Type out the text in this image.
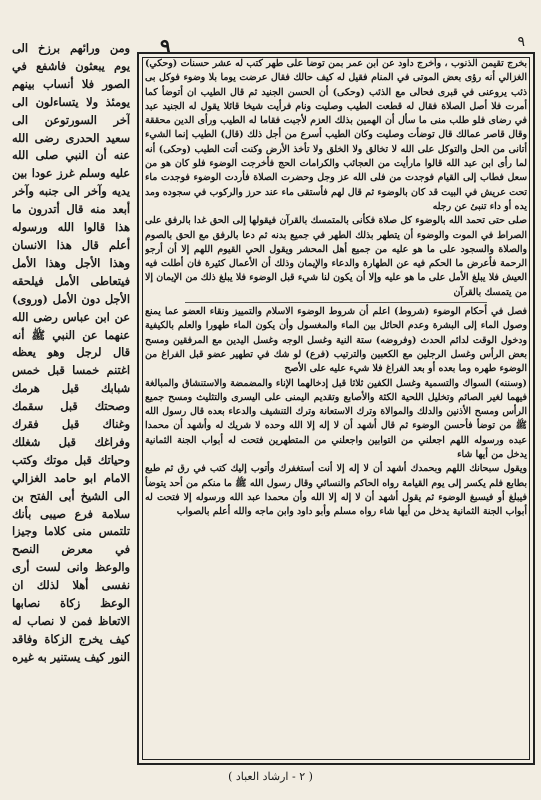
٩	٩

ومن ورائهم برزخ الى يوم يبعثون فاشفع في الصور فلا أنساب بينهم يومئذ ولا يتساءلون الى آخر السورتوعن الى سعيد الحدرى رضى الله عنه أن النبي صلى الله عليه وسلم غرز عودا بين يديه وآخر الى جنبه وآخر أبعد منه قال أتدرون ما هذا قالوا الله ورسوله أعلم قال هذا الانسان وهذا الأجل وهذا الأمل فيتعاطى الأمل فيلحقه الأجل دون الأمل (وروى) عن ابن عباس رضى الله عنهما عن النبي ﷺ أنه قال لرجل وهو يعظه اغتنم خمسا قبل خمس شبابك قبل هرمك وصحتك قبل سقمك وغناك قبل فقرك وفراغك قبل شغلك وحياتك قبل موتك وكتب الامام ابو حامد الغزالي الى الشيخ أبى الفتح بن سلامة فرع صيبى بأنك تلتمس منى كلاما وجيزا في معرض النصح والوعظ وانى لست أرى نفسى أهلا لذلك ان الوعظ زكاة نصابها الاتعاظ فمن لا نصاب له كيف يخرج الزكاة وفاقد النور كيف يستنير به غيره

بخرج تقيمن الذنوب ، وأخرج داود عن ابن عمر بمن توضأ على طهر كتب له عشر حسنات (وحكي) الغزالي أنه رؤى بعض الموتى في المنام فقيل له كيف حالك فقال عرضت يوما بلا وضوء فوكل بى ذئب يروعنى في قبرى فحالى مع الذئب (وحكى) أن الحسن الجنيد ثم قال الطيب ان أتوضأ كما أمرت فلا أصل الصلاة فقال له قطعت الطيب وصليت ونام فرأيت شيخا قائلا يقول له الجنيد عبد في رضاى فلو طلب منى ما سأل أن الهمين بذلك العزم لأجبت فقاما له الطيب ورأى الدين محققة وقال قاصر عمالك قال توضأت وصليت وكان الطيب أسرع من أجل ذلك (قال) الطيب إنما الشيء أتانى من الحل والتوكل على الله لا تخالق ولا الخلق ولا تأخذ الأرض وكنت أتت الطيب (وحكى) أنه لما رأى ابن عبد الله قالوا مارأيت من العجائب والكرامات الحج فأخرجت الوضوء فلو كان هو من سعل فطاب إلى القيام فوجدت من فلى الله عز وجل وحضرت الصلاة فأردت الوضوء فوجدت ماء تحت عريش في البيت قد كان بالوضوء ثم قال لهم فأستقى ماء عند حرز والركوب في سجوده ومد يده أو داء تنبئ عن رجله

صلى حتى تحمد الله بالوضوء كل صلاة فكأنى بالمتمسك بالقرآن فيقولها إلى الحق غدا بالرفق على الصراط في الموت والوضوء أن يتطهر بذلك الطهر في جميع بدنه ثم دعا بالرفق مع الحق بالصوم والصلاة والسجود على ما هو عليه من جميع أهل المحشر ويقول الحي القيوم اللهم إلا أن أرجو الرحمة فأعرض ما الحكم فيه عن الطهارة والدعاء والإيمان وذلك أن الأعمال كثيرة فان أطلت فيه العيش فلا يبلغ الأمل على ما هو عليه وإلا أن يكون لنا شيء قبل الوضوء فلا يبلغ ذلك من الإيمان إلا من يتمسك بالقرآن

فصل في أحكام الوضوء (شروط) اعلم أن شروط الوضوء الاسلام والتمييز ونقاء العضو عما يمنع وصول الماء إلى البشرة وعدم الحائل بين الماء والمغسول وأن يكون الماء طهورا والعلم بالكيفية ودخول الوقت لدائم الحدث (وفروضه) ستة النية وغسل الوجه وغسل اليدين مع المرفقين ومسح بعض الرأس وغسل الرجلين مع الكعبين والترتيب (فرع) لو شك في تطهير عضو قبل الفراغ من الوضوء طهره وما بعده أو بعد الفراغ فلا شيء عليه على الأصح

(وسننه) السواك والتسمية وغسل الكفين ثلاثا قبل إدخالهما الإناء والمضمضة والاستنشاق والمبالغة فيهما لغير الصائم وتخليل اللحية الكثة والأصابع وتقديم اليمنى على اليسرى والتثليث ومسح جميع الرأس ومسح الأذنين والدلك والموالاة وترك الاستعانة وترك التنشيف والدعاء بعده قال رسول الله ﷺ من توضأ فأحسن الوضوء ثم قال أشهد أن لا إله إلا الله وحده لا شريك له وأشهد أن محمدا عبده ورسوله اللهم اجعلني من التوابين واجعلني من المتطهرين فتحت له أبواب الجنة الثمانية يدخل من أيها شاء

ويقول سبحانك اللهم وبحمدك أشهد أن لا إله إلا أنت أستغفرك وأتوب إليك كتب في رق ثم طبع بطابع فلم يكسر إلى يوم القيامة رواه الحاكم والنسائي وقال رسول الله ﷺ ما منكم من أحد يتوضأ فيبلغ أو فيسبغ الوضوء ثم يقول أشهد أن لا إله إلا الله وأن محمدا عبد الله ورسوله إلا فتحت له أبواب الجنة الثمانية يدخل من أيها شاء رواه مسلم وأبو داود وابن ماجه والله أعلم بالصواب

( ٢ - ارشاد العباد )
